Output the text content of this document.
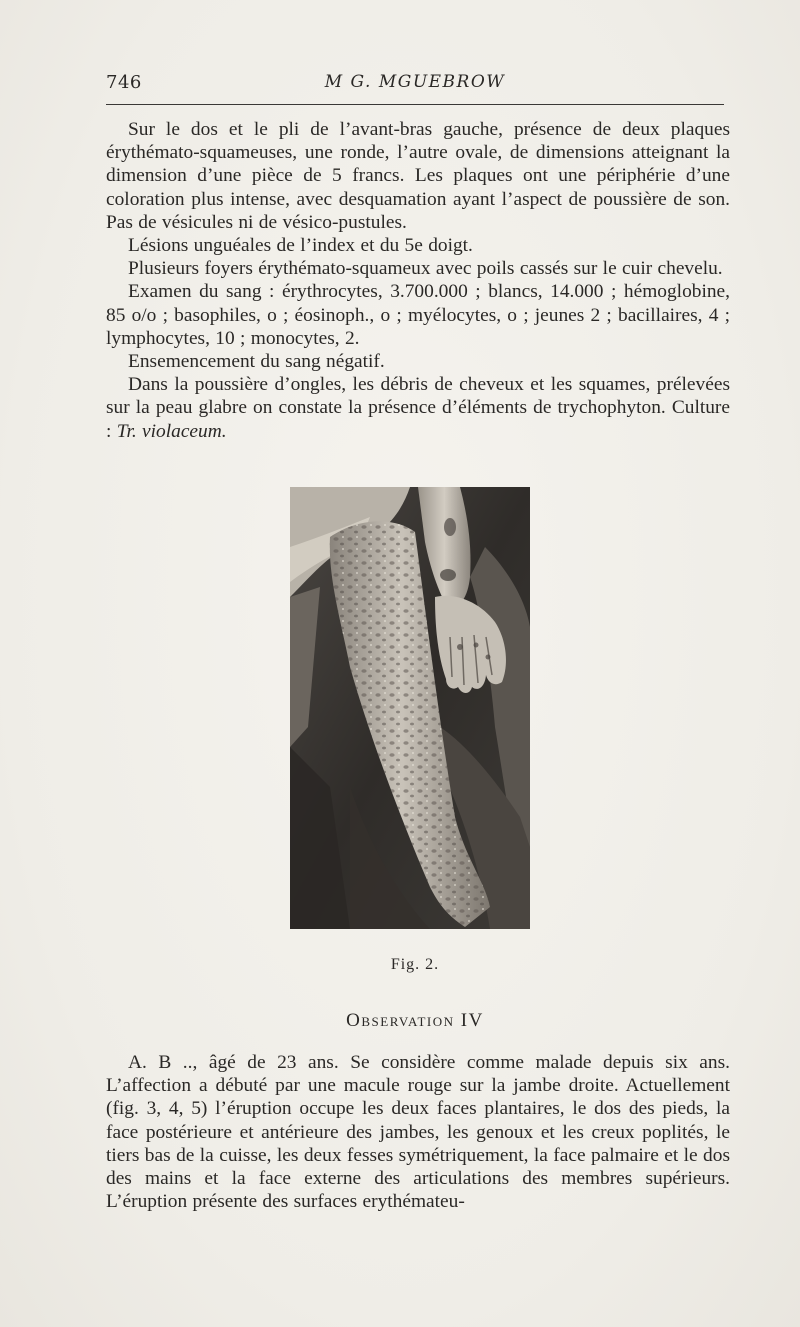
746	M G. MGUEBROW

Sur le dos et le pli de l’avant-bras gauche, présence de deux plaques érythémato-squameuses, une ronde, l’autre ovale, de dimensions atteignant la dimension d’une pièce de 5 francs. Les plaques ont une périphérie d’une coloration plus intense, avec desquamation ayant l’aspect de poussière de son. Pas de vésicules ni de vésico-pustules.

Lésions unguéales de l’index et du 5e doigt.

Plusieurs foyers érythémato-squameux avec poils cassés sur le cuir chevelu.

Examen du sang : érythrocytes, 3.700.000 ; blancs, 14.000 ; hémoglobine, 85 o/o ; basophiles, o ; éosinoph., o ; myélocytes, o ; jeunes 2 ; bacillaires, 4 ; lymphocytes, 10 ; monocytes, 2.

Ensemencement du sang négatif.

Dans la poussière d’ongles, les débris de cheveux et les squames, prélevées sur la peau glabre on constate la présence d’éléments de tryсhophyton. Culture : Tr. violaceum.

Fig. 2.
Observation IV

A. B .., âgé de 23 ans. Se considère comme malade depuis six ans. L’affection a débuté par une macule rouge sur la jambe droite. Actuellement (fig. 3, 4, 5) l’éruption occupe les deux faces plantaires, le dos des pieds, la face postérieure et antérieure des jambes, les genoux et les creux poplités, le tiers bas de la cuisse, les deux fesses symétriquement, la face palmaire et le dos des mains et la face externe des articulations des membres supérieurs. L’éruption présente des surfaces erythémateu-
